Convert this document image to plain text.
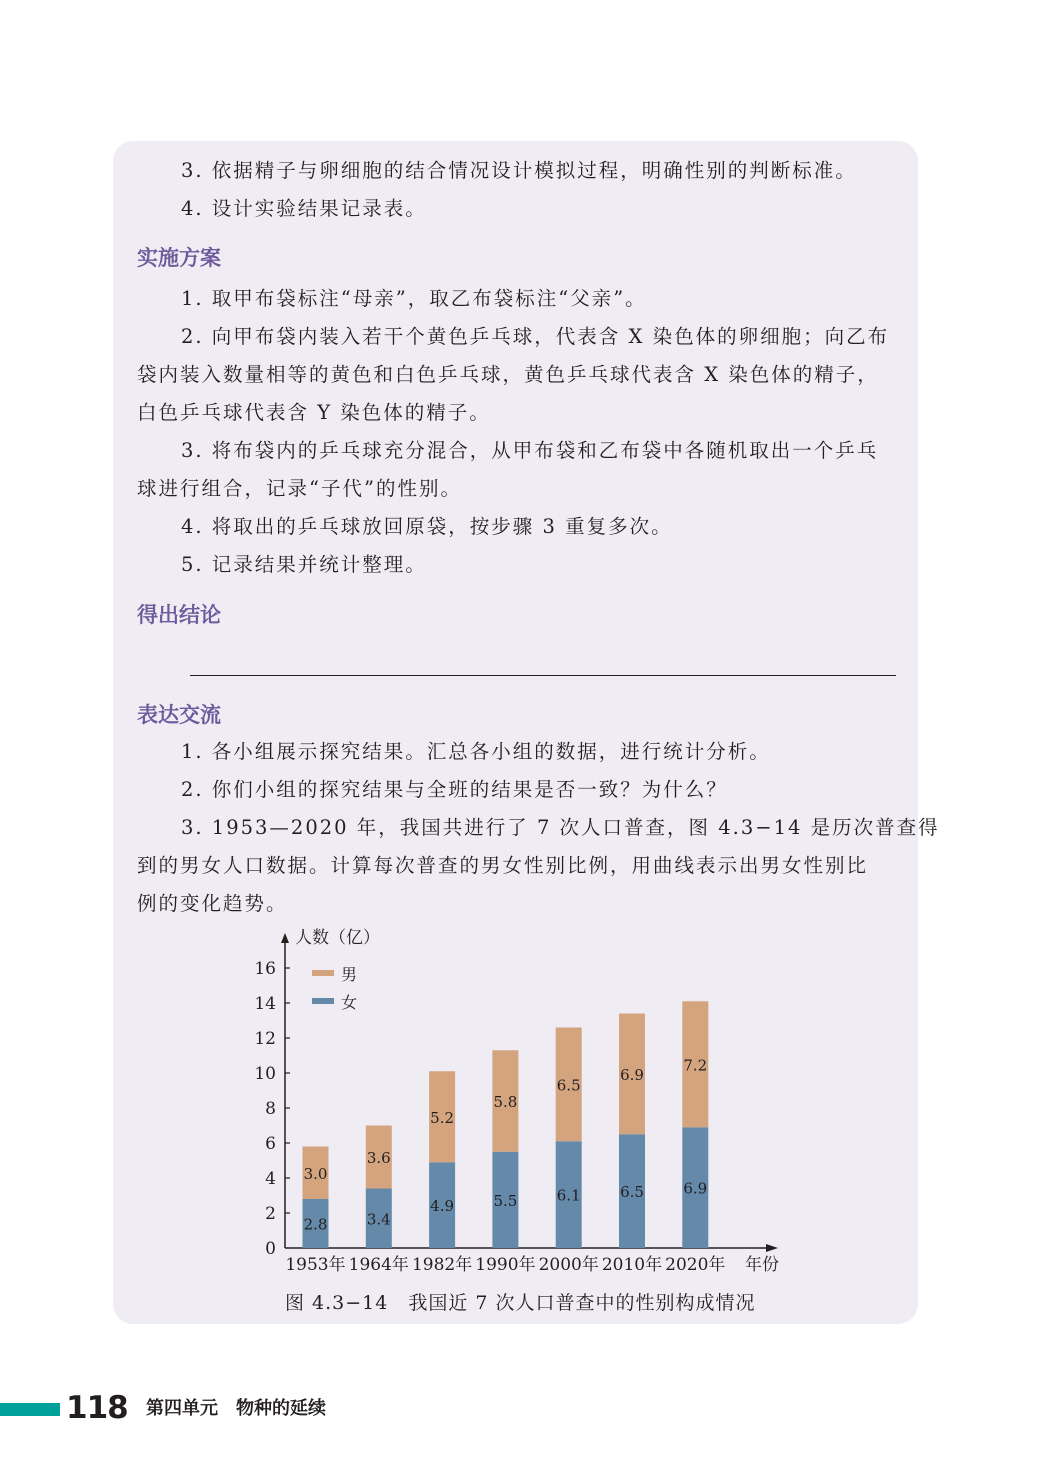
3. 依据精子与卵细胞的结合情况设计模拟过程，明确性别的判断标准。
4. 设计实验结果记录表。
实施方案
1. 取甲布袋标注“母亲”，取乙布袋标注“父亲”。
2. 向甲布袋内装入若干个黄色乒乓球，代表含 X 染色体的卵细胞；向乙布
袋内装入数量相等的黄色和白色乒乓球，黄色乒乓球代表含 X 染色体的精子，
白色乒乓球代表含 Y 染色体的精子。
3. 将布袋内的乒乓球充分混合，从甲布袋和乙布袋中各随机取出一个乒乓
球进行组合，记录“子代”的性别。
4. 将取出的乒乓球放回原袋，按步骤 3 重复多次。
5. 记录结果并统计整理。
得出结论
表达交流
1. 各小组展示探究结果。汇总各小组的数据，进行统计分析。
2. 你们小组的探究结果与全班的结果是否一致？为什么？
3. 1953—2020 年，我国共进行了 7 次人口普查，图 4.3−14 是历次普查得
到的男女人口数据。计算每次普查的男女性别比例，用曲线表示出男女性别比
例的变化趋势。
人数（亿）
年份
0
2
4
6
8
10
12
14
16
2.8
3.0
1953年
3.4
3.6
1964年
4.9
5.2
1982年
5.5
5.8
1990年
6.1
6.5
2000年
6.5
6.9
2010年
6.9
7.2
2020年
男
女
图 4.3−14　我国近 7 次人口普查中的性别构成情况
118 第四单元　物种的延续
